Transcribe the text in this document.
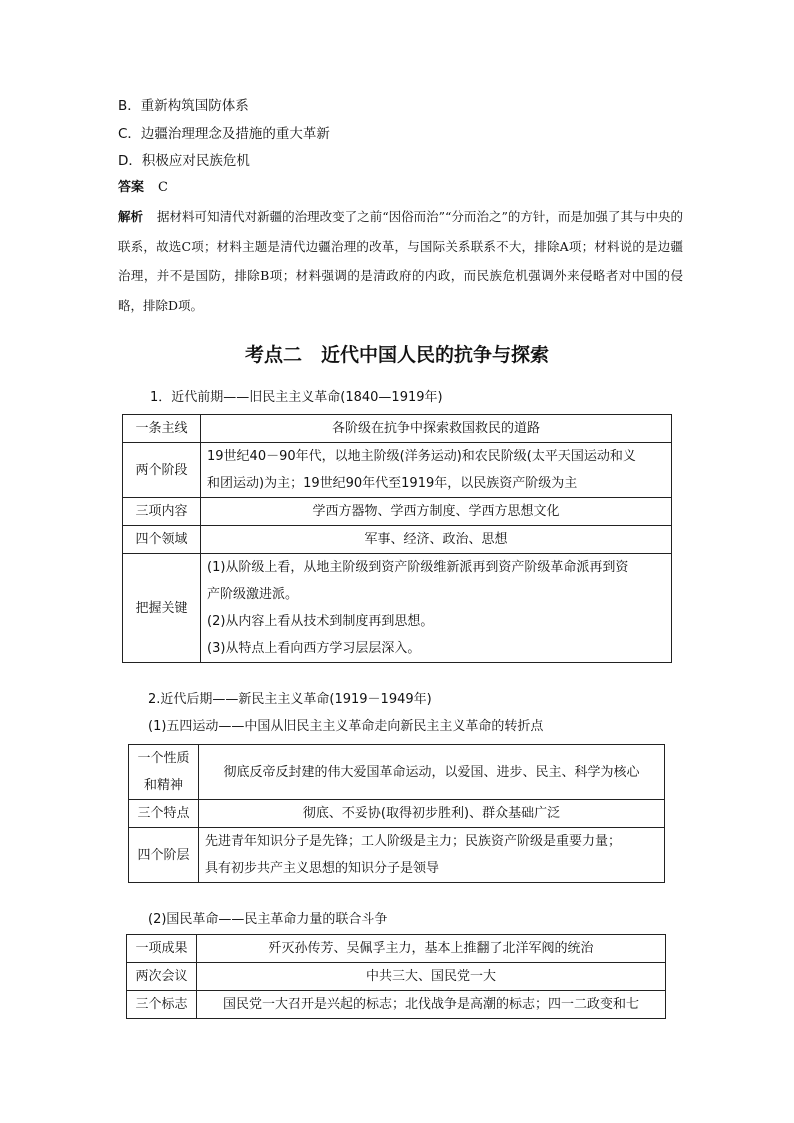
B．重新构筑国防体系
C．边疆治理理念及措施的重大革新
D．积极应对民族危机
答案 C
解析 据材料可知清代对新疆的治理改变了之前“因俗而治”“分而治之”的方针，而是加强了其与中央的联系，故选C项；材料主题是清代边疆治理的改革，与国际关系联系不大，排除A项；材料说的是边疆治理，并不是国防，排除B项；材料强调的是清政府的内政，而民族危机强调外来侵略者对中国的侵略，排除D项。
考点二　近代中国人民的抗争与探索
1．近代前期——旧民主主义革命(1840—1919年)
一条主线	各阶级在抗争中探索救国救民的道路
两个阶段	19世纪40－90年代，以地主阶级(洋务运动)和农民阶级(太平天国运动和义
和团运动)为主；19世纪90年代至1919年，以民族资产阶级为主

三项内容	学西方器物、学西方制度、学西方思想文化
四个领域	军事、经济、政治、思想
把握关键	(1)从阶级上看，从地主阶级到资产阶级维新派再到资产阶级革命派再到资
产阶级激进派。
(2)从内容上看从技术到制度再到思想。
(3)从特点上看向西方学习层层深入。
2.近代后期——新民主主义革命(1919－1949年)
(1)五四运动——中国从旧民主主义革命走向新民主主义革命的转折点
一个性质
和精神	彻底反帝反封建的伟大爱国革命运动，以爱国、进步、民主、科学为核心
三个特点	彻底、不妥协(取得初步胜利)、群众基础广泛
四个阶层	先进青年知识分子是先锋；工人阶级是主力；民族资产阶级是重要力量；
具有初步共产主义思想的知识分子是领导
(2)国民革命——民主革命力量的联合斗争
一项成果	歼灭孙传芳、吴佩孚主力，基本上推翻了北洋军阀的统治
两次会议	中共三大、国民党一大
三个标志	国民党一大召开是兴起的标志；北伐战争是高潮的标志；四一二政变和七
